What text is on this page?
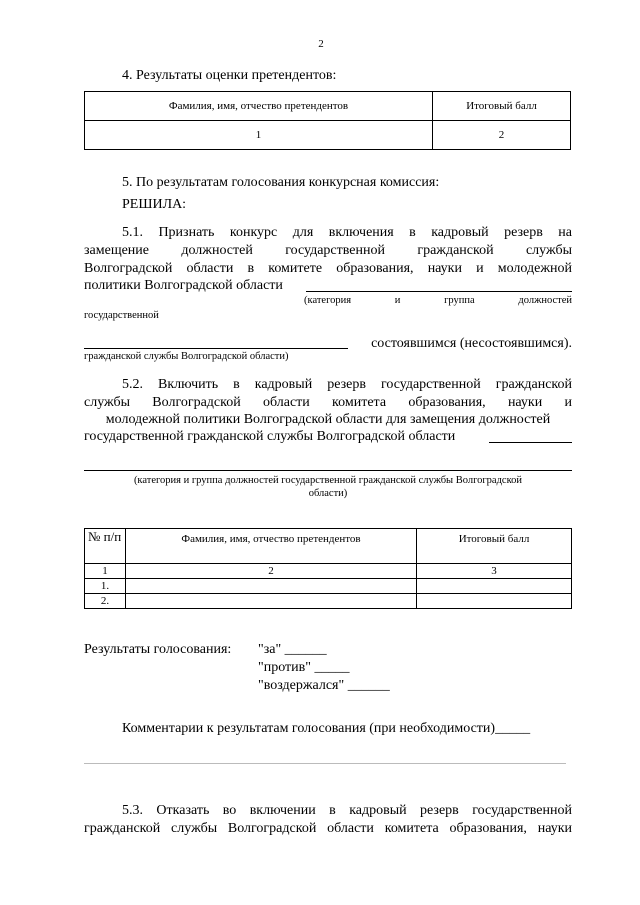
2
4. Результаты оценки претендентов:
Фамилия, имя, отчество претендентов	Итоговый балл
1	2
5. По результатам голосования конкурсная комиссия:
РЕШИЛА:
5.1. Признать конкурс для включения в кадровый резерв на
замещение должностей государственной гражданской службы
Волгоградской области в комитете образования, науки и молодежной
политики Волгоградской области
(категория и группа должностей
государственной
состоявшимся (несостоявшимся).
гражданской службы Волгоградской области)
5.2. Включить в кадровый резерв государственной гражданской
службы Волгоградской области комитета образования, науки и
молодежной политики Волгоградской области для замещения должностей
государственной гражданской службы Волгоградской области
(категория и группа должностей государственной гражданской службы Волгоградской
области)
№ п/п	Фамилия, имя, отчество претендентов	Итоговый балл
1	2	3
1.		
2.		
Результаты голосования: "за" ______
"против" _____
"воздержался" ______
Комментарии к результатам голосования (при необходимости)_____
5.3. Отказать во включении в кадровый резерв государственной
гражданской службы Волгоградской области комитета образования, науки
